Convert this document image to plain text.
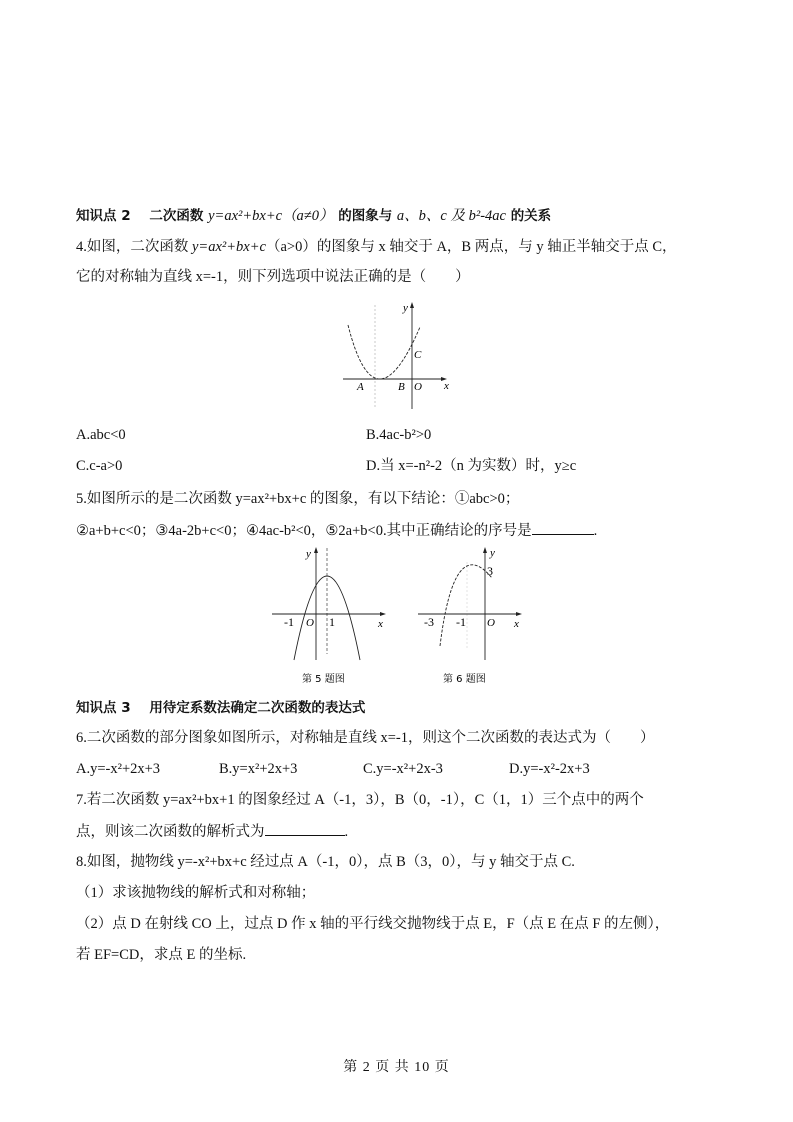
知识点 2 二次函数 y=ax²+bx+c（a≠0） 的图象与 a、b、c 及 b²-4ac 的关系
4.如图，二次函数 y=ax²+bx+c（a>0）的图象与 x 轴交于 A，B 两点，与 y 轴正半轴交于点 C，
它的对称轴为直线 x=-1，则下列选项中说法正确的是（　　）
y
x
A	B O
C
A.abc<0	B.4ac-b²>0
C.c-a>0	D.当 x=-n²-2（n 为实数）时，y≥c
5.如图所示的是二次函数 y=ax²+bx+c 的图象，有以下结论：①abc>0；
②a+b+c<0；③4a-2b+c<0；④4ac-b²<0，⑤2a+b<0.其中正确结论的序号是	.
y
x
-1 O 1
第 5 题图
y
x
-3 -1 O
3
第 6 题图
知识点 3 用待定系数法确定二次函数的表达式
6.二次函数的部分图象如图所示，对称轴是直线 x=-1，则这个二次函数的表达式为（　　）
A.y=-x²+2x+3	B.y=x²+2x+3	C.y=-x²+2x-3	D.y=-x²-2x+3
7.若二次函数 y=ax²+bx+1 的图象经过 A（-1，3），B（0，-1），C（1，1）三个点中的两个
点，则该二次函数的解析式为	.
8.如图，抛物线 y=-x²+bx+c 经过点 A（-1，0），点 B（3，0），与 y 轴交于点 C.
（1）求该抛物线的解析式和对称轴；
（2）点 D 在射线 CO 上，过点 D 作 x 轴的平行线交抛物线于点 E，F（点 E 在点 F 的左侧），
若 EF=CD，求点 E 的坐标.
第 2 页 共 10 页
